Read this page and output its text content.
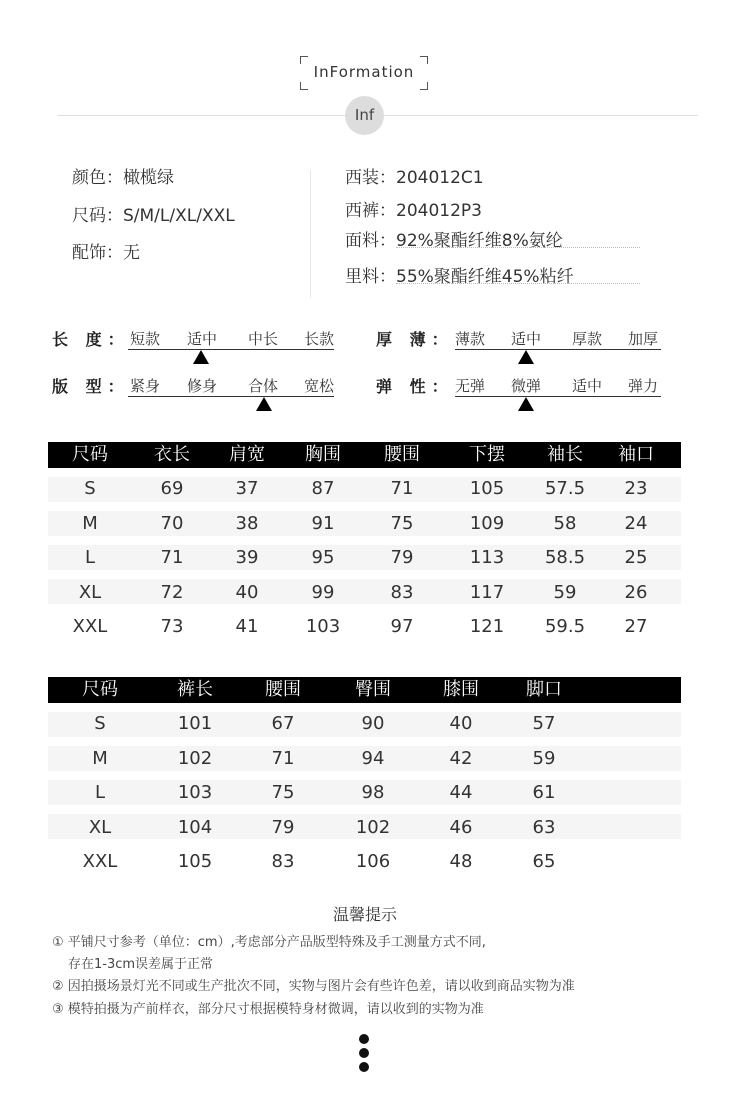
InFormation
Inf
颜色：橄榄绿
尺码：S/M/L/XL/XXL
配饰：无
西装：204012C1
西裤：204012P3
面料：92%聚酯纤维8%氨纶
里料：55%聚酯纤维45%粘纤
长 度： 短款 适中 中长 长款	厚 薄： 薄款 适中 厚款 加厚
版 型： 紧身 修身 合体 宽松	弹 性： 无弹 微弹 适中 弹力
尺码	衣长 肩宽 胸围 腰围	下摆 袖长 袖口
S	69	37	87	71	105 57.5 23
M	70	38	91	75	109	58	24
L	71	39	95	79	113 58.5 25
XL	72	40	99	83	117	59	26
XXL	73	41	103	97	121 59.5 27
尺码	裤长	腰围	臀围	膝围	脚口
S	101	67	90	40	57
M	102	71	94	42	59
L	103	75	98	44	61
XL	104	79	102	46	63
XXL	105	83	106	48	65
温馨提示
① 平铺尺寸参考（单位：cm）,考虑部分产品版型特殊及手工测量方式不同,
存在1-3cm误差属于正常
② 因拍摄场景灯光不同或生产批次不同，实物与图片会有些许色差，请以收到商品实物为准
③ 模特拍摄为产前样衣，部分尺寸根据模特身材微调，请以收到的实物为准
